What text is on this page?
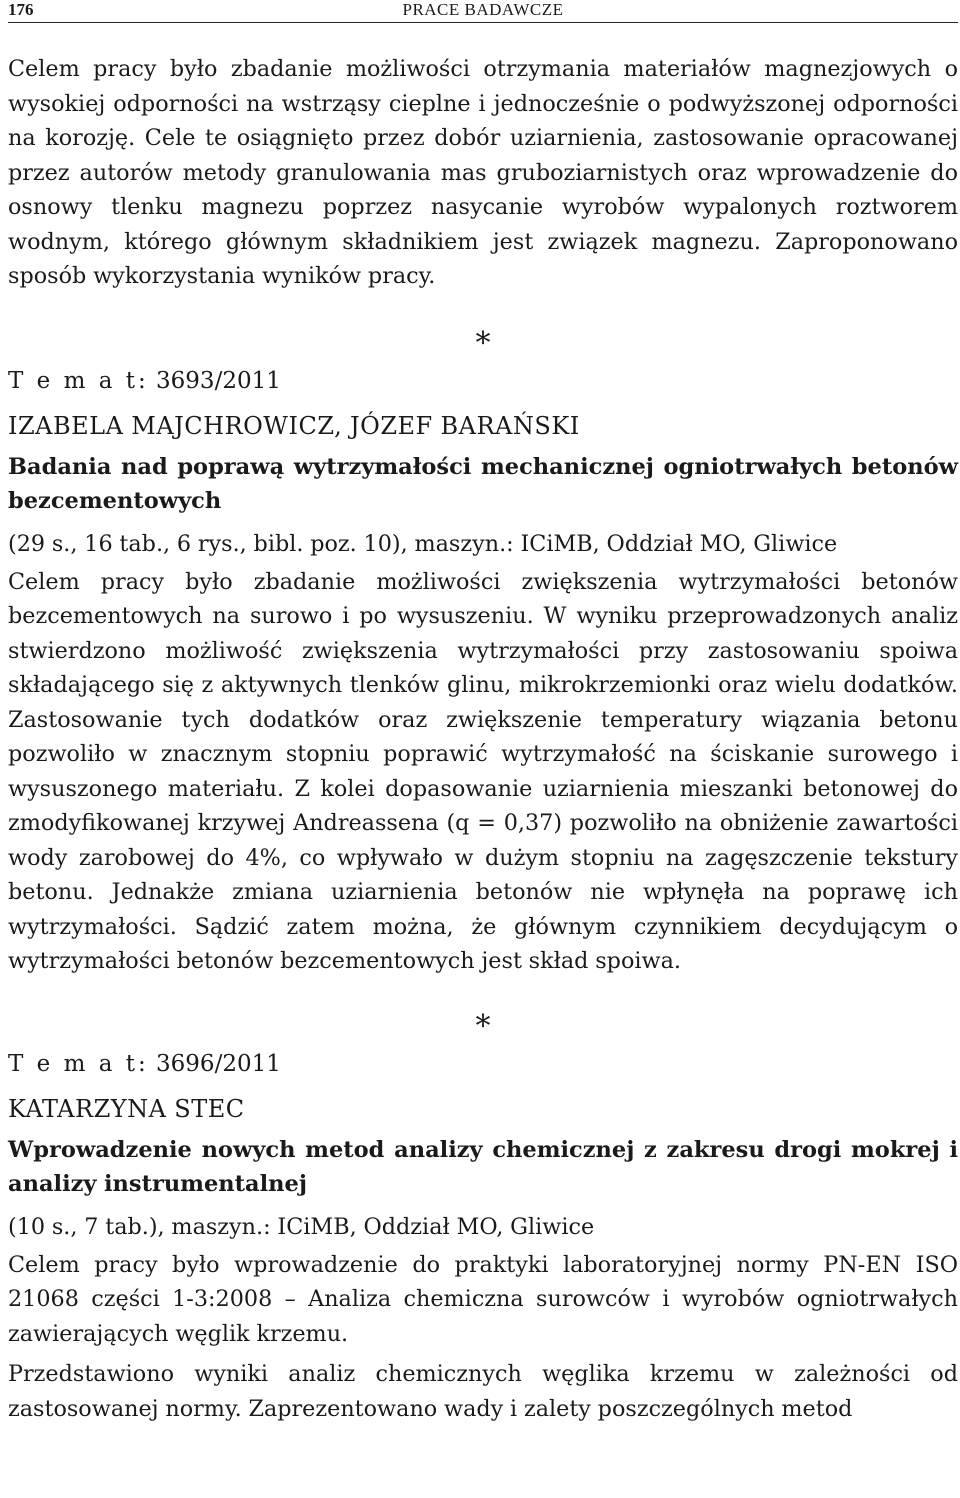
176	PRACE BADAWCZE

Celem pracy było zbadanie możliwości otrzymania materiałów magnezjowych o wysokiej odporności na wstrząsy cieplne i jednocześnie o podwyższonej odporności na korozję. Cele te osiągnięto przez dobór uziarnienia, zastosowanie opracowanej przez autorów metody granulowania mas gruboziarnistych oraz wprowadzenie do osnowy tlenku magnezu poprzez nasycanie wyrobów wypalonych roztworem wodnym, którego głównym składnikiem jest związek magnezu. Zaproponowano sposób wykorzystania wyników pracy.

*

T e m a t: 3693/2011

IZABELA MAJCHROWICZ, JÓZEF BARAŃSKI

Badania nad poprawą wytrzymałości mechanicznej ogniotrwałych betonów bezcementowych

(29 s., 16 tab., 6 rys., bibl. poz. 10), maszyn.: ICiMB, Oddział MO, Gliwice

Celem pracy było zbadanie możliwości zwiększenia wytrzymałości betonów bezcementowych na surowo i po wysuszeniu. W wyniku przeprowadzonych analiz stwierdzono możliwość zwiększenia wytrzymałości przy zastosowaniu spoiwa składającego się z aktywnych tlenków glinu, mikrokrzemionki oraz wielu dodatków. Zastosowanie tych dodatków oraz zwiększenie temperatury wiązania betonu pozwoliło w znacznym stopniu poprawić wytrzymałość na ściskanie surowego i wysuszonego materiału. Z kolei dopasowanie uziarnienia mieszanki betonowej do zmodyfikowanej krzywej Andreassena (q = 0,37) pozwoliło na obniżenie zawartości wody zarobowej do 4%, co wpływało w dużym stopniu na zagęszczenie tekstury betonu. Jednakże zmiana uziarnienia betonów nie wpłynęła na poprawę ich wytrzymałości. Sądzić zatem można, że głównym czynnikiem decydującym o wytrzymałości betonów bezcementowych jest skład spoiwa.

*

T e m a t: 3696/2011

KATARZYNA STEC

Wprowadzenie nowych metod analizy chemicznej z zakresu drogi mokrej i analizy instrumentalnej

(10 s., 7 tab.), maszyn.: ICiMB, Oddział MO, Gliwice

Celem pracy było wprowadzenie do praktyki laboratoryjnej normy PN-EN ISO 21068 części 1-3:2008 – Analiza chemiczna surowców i wyrobów ogniotrwałych zawierających węglik krzemu.

Przedstawiono wyniki analiz chemicznych węglika krzemu w zależności od zastosowanej normy. Zaprezentowano wady i zalety poszczególnych metod
